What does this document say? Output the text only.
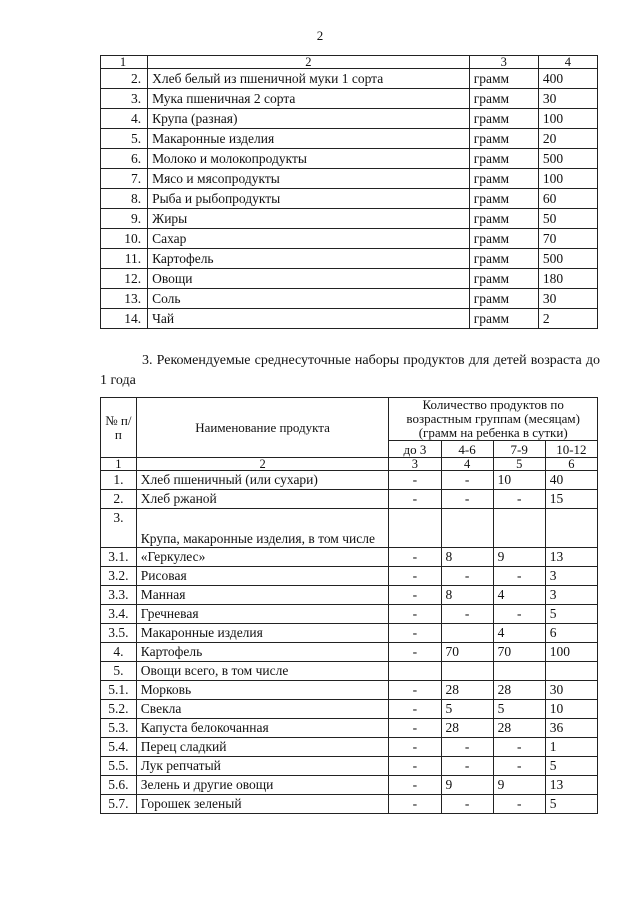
2
1	2	3	4
2.	Хлеб белый из пшеничной муки 1 сорта	грамм	400
3.	Мука пшеничная 2 сорта	грамм	30
4.	Крупа (разная)	грамм	100
5.	Макаронные изделия	грамм	20
6.	Молоко и молокопродукты	грамм	500
7.	Мясо и мясопродукты	грамм	100
8.	Рыба и рыбопродукты	грамм	60
9.	Жиры	грамм	50
10.	Сахар	грамм	70
11.	Картофель	грамм	500
12.	Овощи	грамм	180
13.	Соль	грамм	30
14.	Чай	грамм	2
3. Рекомендуемые среднесуточные наборы продуктов для детей возраста до 1 года
№ п/п	Наименование продукта	Количество продуктов по возрастным группам (месяцам) (грамм на ребенка в сутки)			
		до 3	4-6	7-9	10-12
1	2	3	4	5	6
1.	Хлеб пшеничный (или сухари)	-	-	10	40
2.	Хлеб ржаной	-	-	-	15
3.	Крупа, макаронные изделия, в том числе				
3.1.	«Геркулес»	-	8	9	13
3.2.	Рисовая	-	-	-	3
3.3.	Манная	-	8	4	3
3.4.	Гречневая	-	-	-	5
3.5.	Макаронные изделия	-		4	6
4.	Картофель	-	70	70	100
5.	Овощи всего, в том числе				
5.1.	Морковь	-	28	28	30
5.2.	Свекла	-	5	5	10
5.3.	Капуста белокочанная	-	28	28	36
5.4.	Перец сладкий	-	-	-	1
5.5.	Лук репчатый	-	-	-	5
5.6.	Зелень и другие овощи	-	9	9	13
5.7.	Горошек зеленый	-	-	-	5
